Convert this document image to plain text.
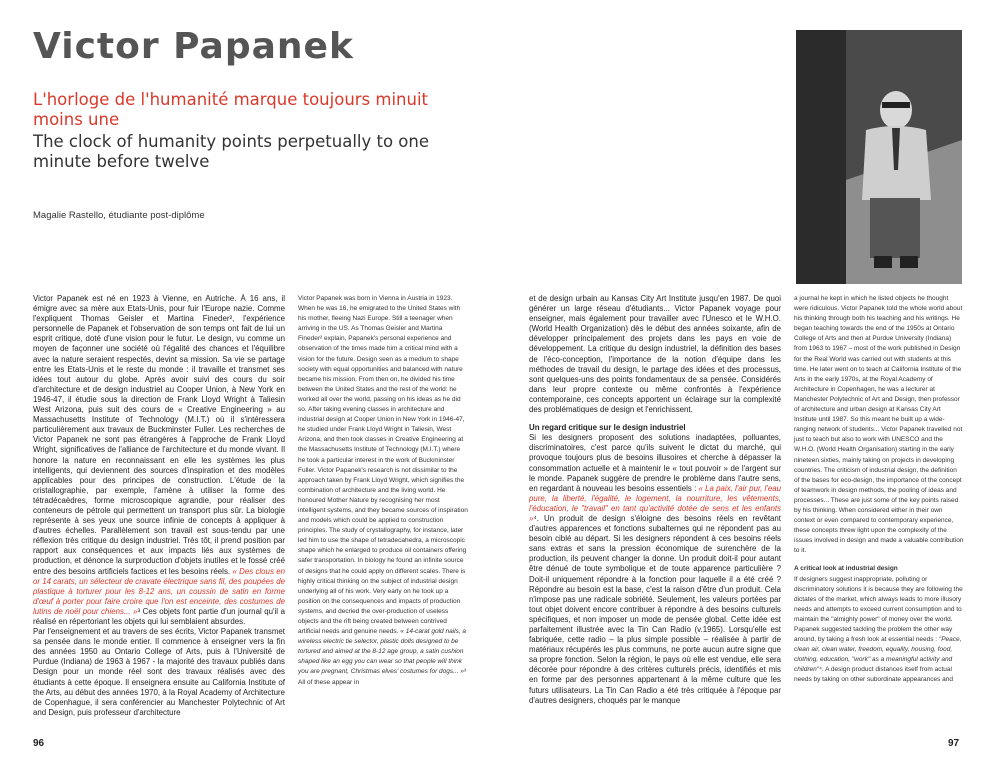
Victor Papanek
L'horloge de l'humanité marque toujours minuit moins une
The clock of humanity points perpetually to one minute before twelve
Magalie Rastello, étudiante post-diplôme

Victor Papanek est né en 1923 à Vienne, en Autriche. À 16 ans, il émigre avec sa mère aux Etats-Unis, pour fuir l'Europe nazie. Comme l'expliquent Thomas Geisler et Martina Fineder², l'expérience personnelle de Papanek et l'observation de son temps ont fait de lui un esprit critique, doté d'une vision pour le futur. Le design, vu comme un moyen de façonner une société où l'égalité des chances et l'équilibre avec la nature seraient respectés, devint sa mission. Sa vie se partage entre les Etats-Unis et le reste du monde : il travaille et transmet ses idées tout autour du globe. Après avoir suivi des cours du soir d'architecture et de design industriel au Cooper Union, à New York en 1946-47, il étudie sous la direction de Frank Lloyd Wright à Taliesin West Arizona, puis suit des cours de « Creative Engineering » au Massachusetts Institute of Technology (M.I.T.) où il s'intéressera particulièrement aux travaux de Buckminster Fuller. Les recherches de Victor Papanek ne sont pas étrangères à l'approche de Frank Lloyd Wright, significatives de l'alliance de l'architecture et du monde vivant. Il honore la nature en reconnaissant en elle les systèmes les plus intelligents, qui deviennent des sources d'inspiration et des modèles applicables pour des principes de construction. L'étude de la cristallographie, par exemple, l'amène à utiliser la forme des tétradécaèdres, forme microscopique agrandie, pour réaliser des conteneurs de pétrole qui permettent un transport plus sûr. La biologie représente à ses yeux une source infinie de concepts à appliquer à d'autres échelles. Parallèlement son travail est sous-tendu par une réflexion très critique du design industriel. Très tôt, il prend position par rapport aux conséquences et aux impacts liés aux systèmes de production, et dénonce la surproduction d'objets inutiles et le fossé créé entre des besoins artificiels factices et les besoins réels. « Des clous en or 14 carats, un sélecteur de cravate électrique sans fil, des poupées de plastique à torturer pour les 8-12 ans, un coussin de satin en forme d'œuf à porter pour faire croire que l'on est enceinte, des costumes de lutins de noël pour chiens... »³ Ces objets font partie d'un journal qu'il a réalisé en répertoriant les objets qui lui semblaient absurdes.

Par l'enseignement et au travers de ses écrits, Victor Papanek transmet sa pensée dans le monde entier. Il commence à enseigner vers la fin des années 1950 au Ontario College of Arts, puis à l'Université de Purdue (Indiana) de 1963 à 1967 - la majorité des travaux publiés dans Design pour un monde réel sont des travaux réalisés avec des étudiants à cette époque. Il enseignera ensuite au California Institute of the Arts, au début des années 1970, à la Royal Academy of Architecture de Copenhague, il sera conférencier au Manchester Polytechnic of Art and Design, puis professeur d'architecture

Victor Papanek was born in Vienna in Austria in 1923. When he was 16, he emigrated to the United States with his mother, fleeing Nazi Europe. Still a teenager when arriving in the US. As Thomas Geisler and Martina Fineder² explain, Papanek's personal experience and observation of the times made him a critical mind with a vision for the future. Design seen as a medium to shape society with equal opportunities and balanced with nature became his mission. From then on, he divided his time between the United States and the rest of the world: he worked all over the world, passing on his ideas as he did so. After taking evening classes in architecture and industrial design at Cooper Union in New York in 1946-47, he studied under Frank Lloyd Wright in Taliesin, West Arizona, and then took classes in Creative Engineering at the Massachusetts Institute of Technology (M.I.T.) where he took a particular interest in the work of Buckminster Fuller. Victor Papanek's research is not dissimilar to the approach taken by Frank Lloyd Wright, which signifies the combination of architecture and the living world. He honoured Mother Nature by recognising her most intelligent systems, and they became sources of inspiration and models which could be applied to construction principles. The study of crystallography, for instance, later led him to use the shape of tetradecahedra, a microscopic shape which he enlarged to produce oil containers offering safer transportation. In biology he found an infinite source of designs that he could apply on different scales. There is highly critical thinking on the subject of industrial design underlying all of his work. Very early on he took up a position on the consequences and impacts of production systems, and decried the over-production of useless objects and the rift being created between contrived artificial needs and genuine needs. « 14-carat gold nails, a wireless electric tie selector, plastic dolls designed to be tortured and aimed at the 8-12 age group, a satin cushion shaped like an egg you can wear so that people will think you are pregnant, Christmas elves' costumes for dogs... »³ All of these appear in

96

et de design urbain au Kansas City Art Institute jusqu'en 1987. De quoi générer un large réseau d'étudiants... Victor Papanek voyage pour enseigner, mais également pour travailler avec l'Unesco et le W.H.O. (World Health Organization) dès le début des années soixante, afin de développer principalement des projets dans les pays en voie de développement. La critique du design industriel, la définition des bases de l'éco-conception, l'importance de la notion d'équipe dans les méthodes de travail du design, le partage des idées et des processus, sont quelques-uns des points fondamentaux de sa pensée. Considérés dans leur propre contexte ou même confrontés à l'expérience contemporaine, ces concepts apportent un éclairage sur la complexité des problématiques de design et l'enrichissent.

Un regard critique sur le design industriel

Si les designers proposent des solutions inadaptées, polluantes, discriminatoires, c'est parce qu'ils suivent le dictat du marché, qui provoque toujours plus de besoins illusoires et cherche à dépasser la consommation actuelle et à maintenir le « tout pouvoir » de l'argent sur le monde. Papanek suggère de prendre le problème dans l'autre sens, en regardant à nouveau les besoins essentiels : « La paix, l'air pur, l'eau pure, la liberté, l'égalité, le logement, la nourriture, les vêtements, l'éducation, le "travail" en tant qu'activité dotée de sens et les enfants »⁴. Un produit de design s'éloigne des besoins réels en revêtant d'autres apparences et fonctions subalternes qui ne répondent pas au besoin ciblé au départ. Si les designers répondent à ces besoins réels sans extras et sans la pression économique de surenchère de la production, ils peuvent changer la donne. Un produit doit-il pour autant être dénué de toute symbolique et de toute apparence particulière ? Doit-il uniquement répondre à la fonction pour laquelle il a été créé ? Répondre au besoin est la base, c'est la raison d'être d'un produit. Cela n'impose pas une radicale sobriété. Seulement, les valeurs portées par tout objet doivent encore contribuer à répondre à des besoins culturels spécifiques, et non imposer un mode de pensée global. Cette idée est parfaitement illustrée avec la Tin Can Radio (v.1965). Lorsqu'elle est fabriquée, cette radio – la plus simple possible – réalisée à partir de matériaux récupérés les plus communs, ne porte aucun autre signe que sa propre fonction. Selon la région, le pays où elle est vendue, elle sera décorée pour répondre à des critères culturels précis, identifiés et mis en forme par des personnes appartenant à la même culture que les futurs utilisateurs. La Tin Can Radio a été très critiquée à l'époque par d'autres designers, choqués par le manque

a journal he kept in which he listed objects he thought were ridiculous. Victor Papanek told the whole world about his thinking through both his teaching and his writings. He began teaching towards the end of the 1950s at Ontario College of Arts and then at Purdue University (Indiana) from 1963 to 1967 – most of the work published in Design for the Real World was carried out with students at this time. He later went on to teach at California Institute of the Arts in the early 1970s, at the Royal Academy of Architecture in Copenhagen, he was a lecturer at Manchester Polytechnic of Art and Design, then professor of architecture and urban design at Kansas City Art Institute until 1987. So this meant he built up a wide-ranging network of students... Victor Papanek travelled not just to teach but also to work with UNESCO and the W.H.O. (World Health Organisation) starting in the early nineteen sixties, mainly taking on projects in developing countries. The criticism of industrial design, the definition of the bases for eco-design, the importance of the concept of teamwork in design methods, the pooling of ideas and processes... These are just some of the key points raised by his thinking. When considered either in their own context or even compared to contemporary experience, these concepts threw light upon the complexity of the issues involved in design and made a valuable contribution to it.

A critical look at industrial design

If designers suggest inappropriate, polluting or discriminatory solutions it is because they are following the dictates of the market, which always leads to more illusory needs and attempts to exceed current consumption and to maintain the "almighty power" of money over the world. Papanek suggested tackling the problem the other way around, by taking a fresh look at essential needs : "Peace, clean air, clean water, freedom, equality, housing, food, clothing, education, "work" as a meaningful activity and children"⁴. A design product distances itself from actual needs by taking on other subordinate appearances and

97
